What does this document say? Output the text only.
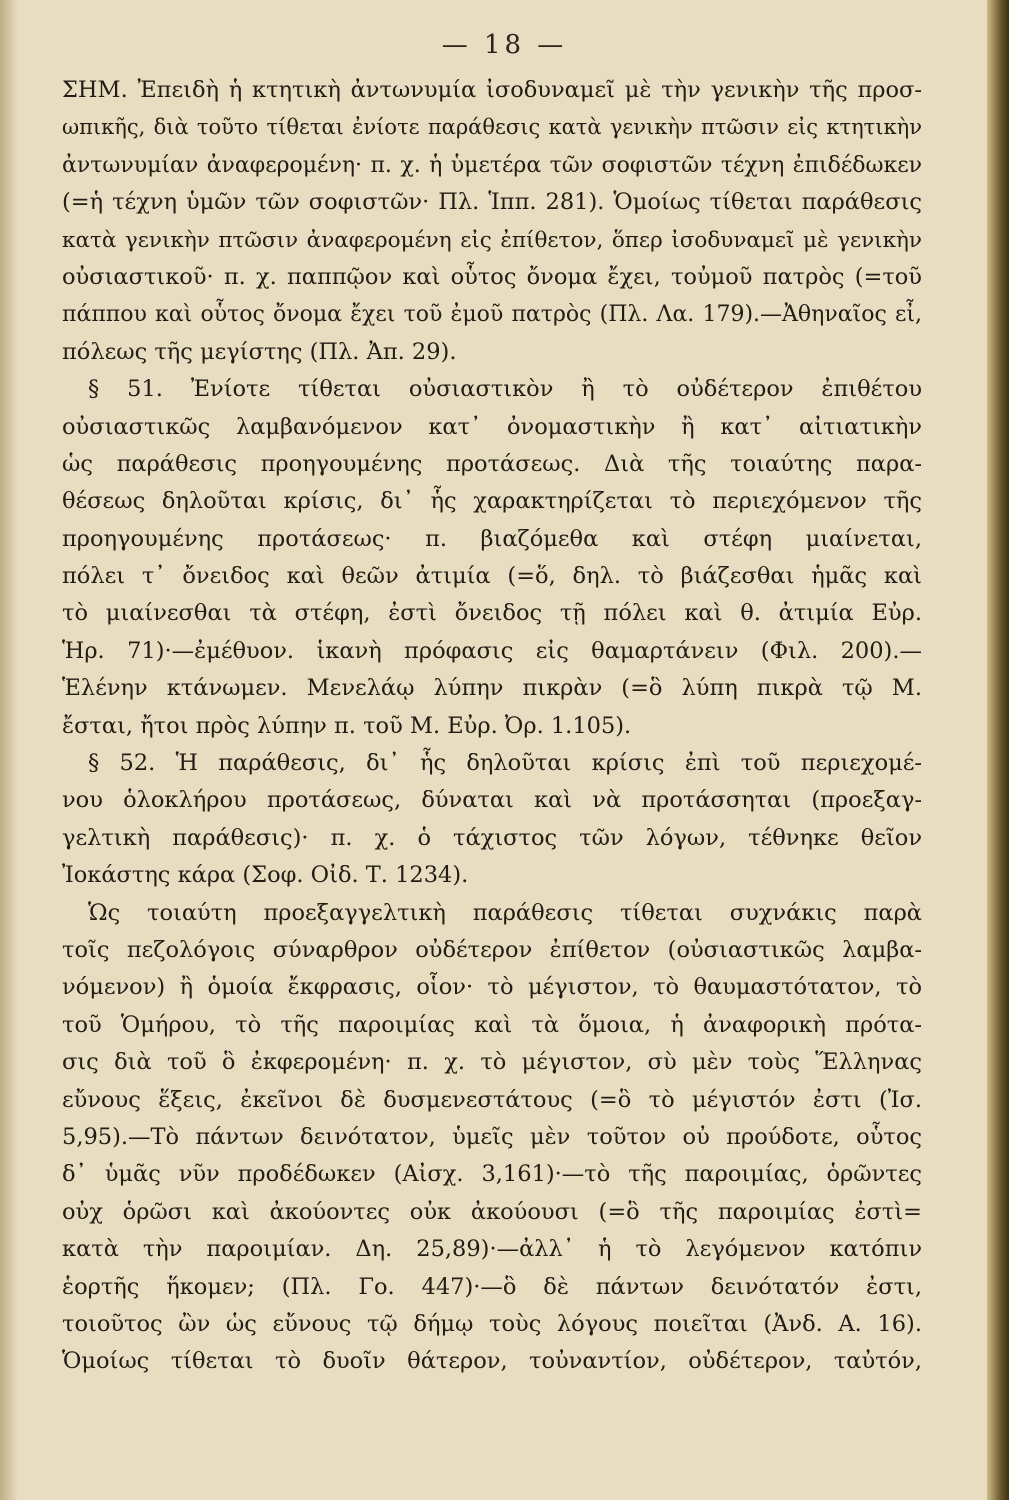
— 18 —
ΣΗΜ. Ἐπειδὴ ἡ κτητικὴ ἀντωνυμία ἰσοδυναμεῖ μὲ τὴν γενικὴν τῆς προσ-
ωπικῆς, διὰ τοῦτο τίθεται ἐνίοτε παράθεσις κατὰ γενικὴν πτῶσιν εἰς κτητικὴν
ἀντωνυμίαν ἀναφερομένη· π. χ. ἡ ὑμετέρα τῶν σοφιστῶν τέχνη ἐπιδέδωκεν
(=ἡ τέχνη ὑμῶν τῶν σοφιστῶν· Πλ. Ἱππ. 281). Ὁμοίως τίθεται παράθεσις
κατὰ γενικὴν πτῶσιν ἀναφερομένη εἰς ἐπίθετον, ὅπερ ἰσοδυναμεῖ μὲ γενικὴν
οὐσιαστικοῦ· π. χ. παππῷον καὶ οὗτος ὄνομα ἔχει, τοὐμοῦ πατρὸς (=τοῦ
πάππου καὶ οὗτος ὄνομα ἔχει τοῦ ἐμοῦ πατρὸς (Πλ. Λα. 179).—Ἀθηναῖος εἶ,
πόλεως τῆς μεγίστης (Πλ. Ἀπ. 29).
§ 51. Ἐνίοτε τίθεται οὐσιαστικὸν ἢ τὸ οὐδέτερον ἐπιθέτου
οὐσιαστικῶς λαμβανόμενον κατ᾽ ὀνομαστικὴν ἢ κατ᾽ αἰτιατικὴν
ὡς παράθεσις προηγουμένης προτάσεως. Διὰ τῆς τοιαύτης παρα-
θέσεως δηλοῦται κρίσις, δι᾽ ἧς χαρακτηρίζεται τὸ περιεχόμενον τῆς
προηγουμένης προτάσεως· π. βιαζόμεθα καὶ στέφη μιαίνεται,
πόλει τ᾽ ὄνειδος καὶ θεῶν ἀτιμία (=ὅ, δηλ. τὸ βιάζεσθαι ἡμᾶς καὶ
τὸ μιαίνεσθαι τὰ στέφη, ἐστὶ ὄνειδος τῇ πόλει καὶ θ. ἀτιμία Εὐρ.
Ἡρ. 71)·—ἐμέθυον. ἱκανὴ πρόφασις εἰς θαμαρτάνειν (Φιλ. 200).—
Ἑλένην κτάνωμεν. Μενελάῳ λύπην πικρὰν (=ὃ λύπη πικρὰ τῷ Μ.
ἔσται, ἤτοι πρὸς λύπην π. τοῦ Μ. Εὐρ. Ὀρ. 1.105).
§ 52. Ἡ παράθεσις, δι᾽ ἧς δηλοῦται κρίσις ἐπὶ τοῦ περιεχομέ-
νου ὁλοκλήρου προτάσεως, δύναται καὶ νὰ προτάσσηται (προεξαγ-
γελτικὴ παράθεσις)· π. χ. ὁ τάχιστος τῶν λόγων, τέθνηκε θεῖον
Ἰοκάστης κάρα (Σοφ. Οἰδ. Τ. 1234).
Ὡς τοιαύτη προεξαγγελτικὴ παράθεσις τίθεται συχνάκις παρὰ
τοῖς πεζολόγοις σύναρθρον οὐδέτερον ἐπίθετον (οὐσιαστικῶς λαμβα-
νόμενον) ἢ ὁμοία ἔκφρασις, οἷον· τὸ μέγιστον, τὸ θαυμαστότατον, τὸ
τοῦ Ὁμήρου, τὸ τῆς παροιμίας καὶ τὰ ὅμοια, ἡ ἀναφορικὴ πρότα-
σις διὰ τοῦ ὃ ἐκφερομένη· π. χ. τὸ μέγιστον, σὺ μὲν τοὺς Ἕλληνας
εὔνους ἕξεις, ἐκεῖνοι δὲ δυσμενεστάτους (=ὃ τὸ μέγιστόν ἐστι (Ἰσ.
5,95).—Τὸ πάντων δεινότατον, ὑμεῖς μὲν τοῦτον οὐ προύδοτε, οὗτος
δ᾽ ὑμᾶς νῦν προδέδωκεν (Αἰσχ. 3,161)·—τὸ τῆς παροιμίας, ὁρῶντες
οὐχ ὁρῶσι καὶ ἀκούοντες οὐκ ἀκούουσι (=ὃ τῆς παροιμίας ἐστὶ=
κατὰ τὴν παροιμίαν. Δη. 25,89)·—ἀλλ᾽ ἡ τὸ λεγόμενον κατόπιν
ἑορτῆς ἥκομεν; (Πλ. Γο. 447)·—ὃ δὲ πάντων δεινότατόν ἐστι,
τοιοῦτος ὢν ὡς εὔνους τῷ δήμῳ τοὺς λόγους ποιεῖται (Ἀνδ. Α. 16).
Ὁμοίως τίθεται τὸ δυοῖν θάτερον, τοὐναντίον, οὐδέτερον, ταὐτόν,
